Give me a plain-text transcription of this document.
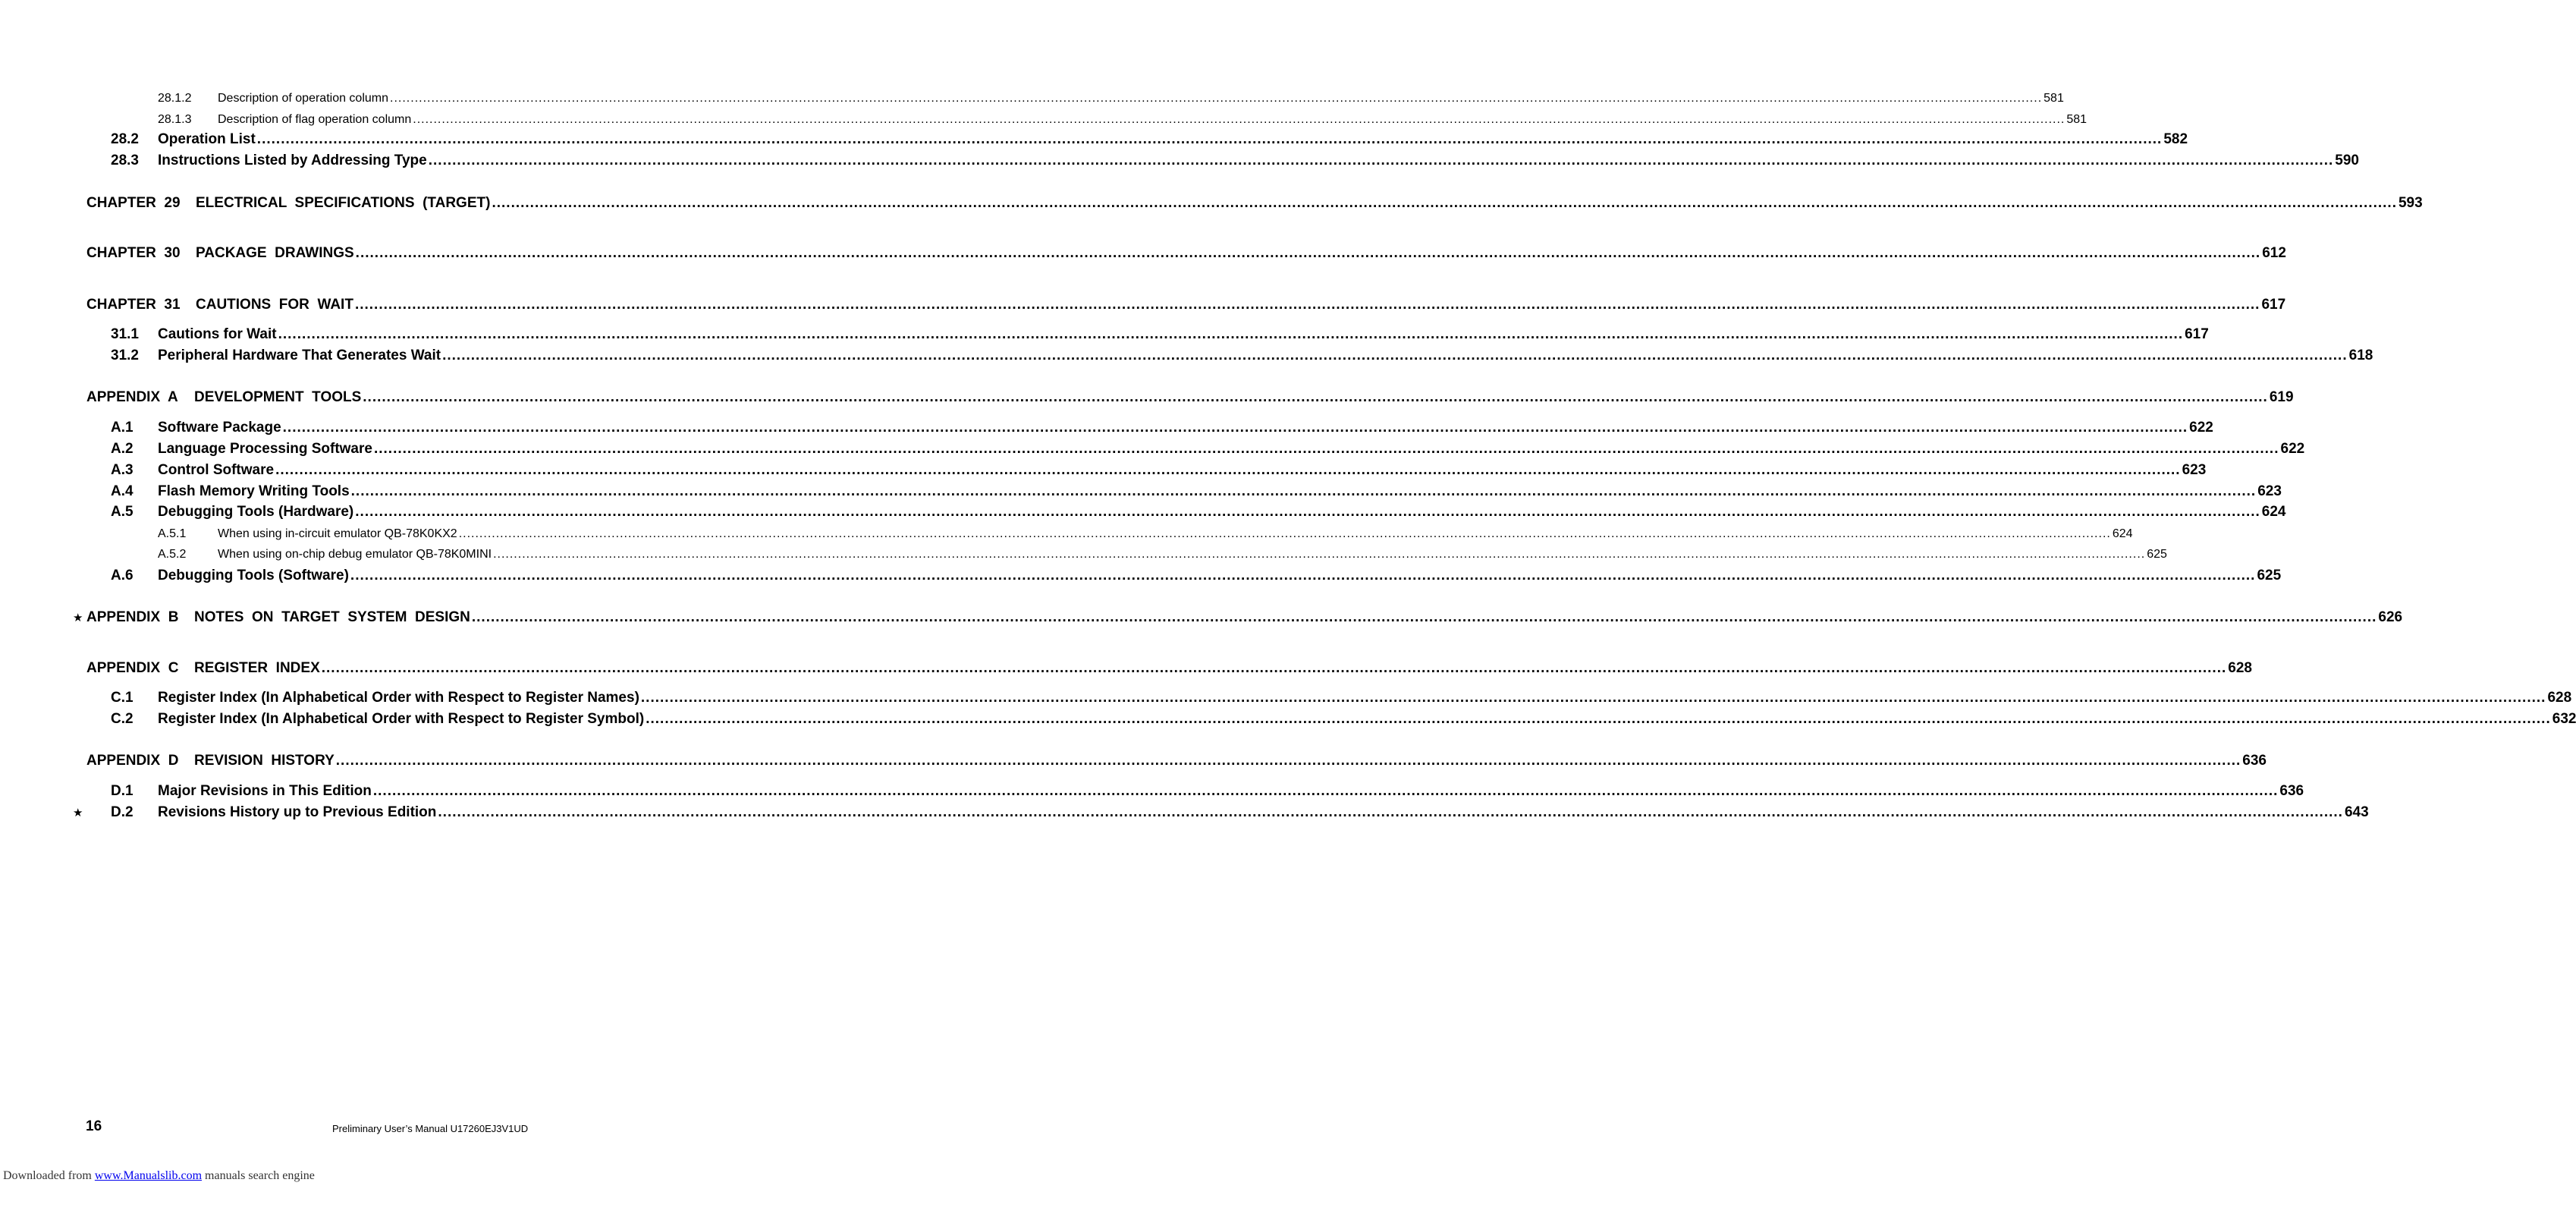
28.1.2 Description of operation column ................................................................................................................................................................................................................................................................................................................................................................................................................ 581
28.1.3 Description of flag operation column ................................................................................................................................................................................................................................................................................................................................................................................................................ 581
28.2 Operation List ................................................................................................................................................................................................................................................................................................................................................................................................................ 582
28.3 Instructions Listed by Addressing Type ................................................................................................................................................................................................................................................................................................................................................................................................................ 590
CHAPTER  29 ELECTRICAL  SPECIFICATIONS  (TARGET) ................................................................................................................................................................................................................................................................................................................................................................................................................ 593
CHAPTER  30 PACKAGE  DRAWINGS ................................................................................................................................................................................................................................................................................................................................................................................................................ 612
CHAPTER  31 CAUTIONS  FOR  WAIT ................................................................................................................................................................................................................................................................................................................................................................................................................ 617
31.1 Cautions for Wait ................................................................................................................................................................................................................................................................................................................................................................................................................ 617
31.2 Peripheral Hardware That Generates Wait ................................................................................................................................................................................................................................................................................................................................................................................................................ 618
APPENDIX  A DEVELOPMENT  TOOLS ................................................................................................................................................................................................................................................................................................................................................................................................................ 619
A.1 Software Package ................................................................................................................................................................................................................................................................................................................................................................................................................ 622
A.2 Language Processing Software ................................................................................................................................................................................................................................................................................................................................................................................................................ 622
A.3 Control Software ................................................................................................................................................................................................................................................................................................................................................................................................................ 623
A.4 Flash Memory Writing Tools ................................................................................................................................................................................................................................................................................................................................................................................................................ 623
A.5 Debugging Tools (Hardware) ................................................................................................................................................................................................................................................................................................................................................................................................................ 624
A.5.1	When using in-circuit emulator QB-78K0KX2 ................................................................................................................................................................................................................................................................................................................................................................................................................ 624
A.5.2	When using on-chip debug emulator QB-78K0MINI ................................................................................................................................................................................................................................................................................................................................................................................................................ 625
A.6 Debugging Tools (Software) ................................................................................................................................................................................................................................................................................................................................................................................................................ 625
★ APPENDIX  B NOTES  ON  TARGET  SYSTEM  DESIGN ................................................................................................................................................................................................................................................................................................................................................................................................................ 626
APPENDIX  C REGISTER  INDEX ................................................................................................................................................................................................................................................................................................................................................................................................................ 628
C.1 Register Index (In Alphabetical Order with Respect to Register Names) ................................................................................................................................................................................................................................................................................................................................................................................................................ 628
C.2 Register Index (In Alphabetical Order with Respect to Register Symbol) ................................................................................................................................................................................................................................................................................................................................................................................................................ 632
APPENDIX  D REVISION  HISTORY ................................................................................................................................................................................................................................................................................................................................................................................................................ 636
D.1 Major Revisions in This Edition ................................................................................................................................................................................................................................................................................................................................................................................................................ 636
★ D.2 Revisions History up to Previous Edition ................................................................................................................................................................................................................................................................................................................................................................................................................ 643
16	Preliminary User’s Manual U17260EJ3V1UD
Downloaded from www.Manualslib.com manuals search engine
